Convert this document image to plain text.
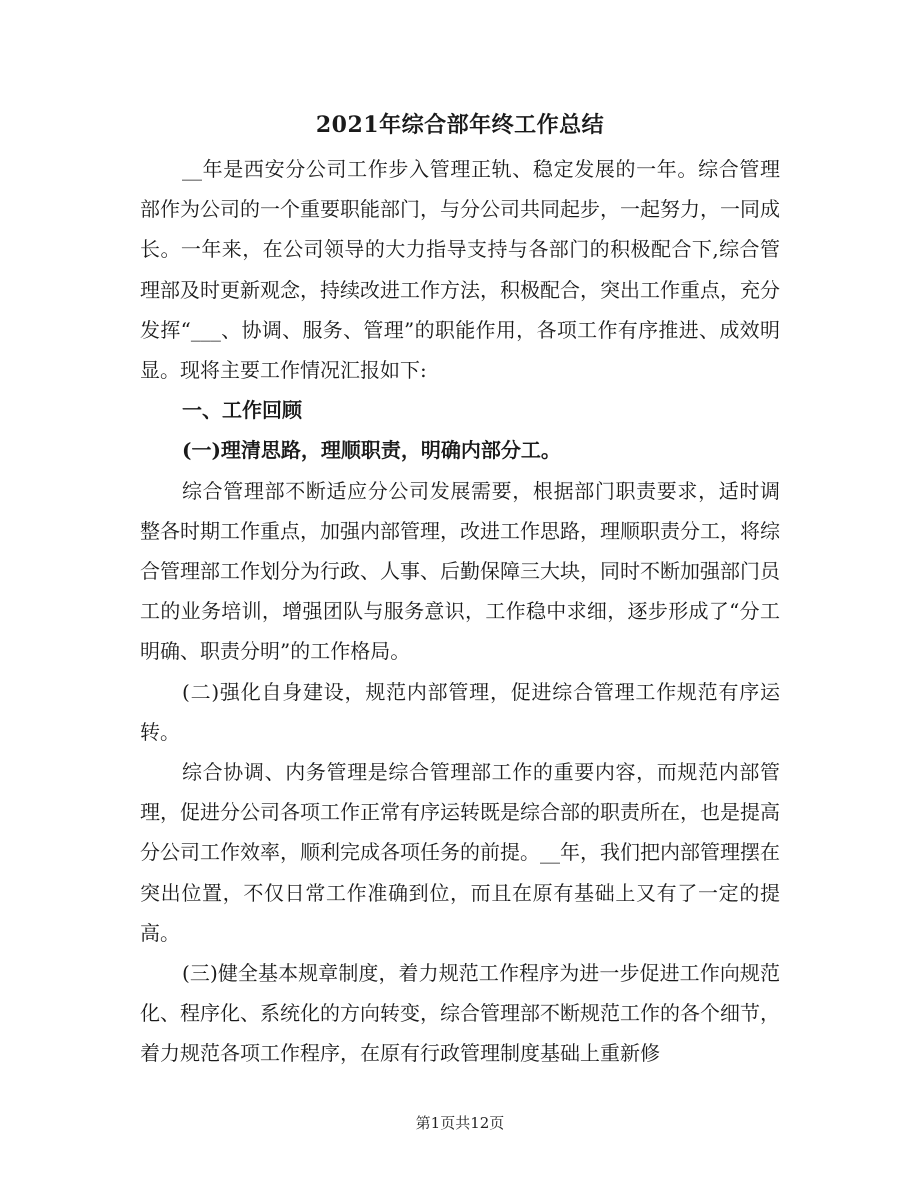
2021年综合部年终工作总结

__年是西安分公司工作步入管理正轨、稳定发展的一年。综合管理部作为公司的一个重要职能部门，与分公司共同起步，一起努力，一同成长。一年来，在公司领导的大力指导支持与各部门的积极配合下,综合管理部及时更新观念，持续改进工作方法，积极配合，突出工作重点，充分发挥“___、协调、服务、管理”的职能作用，各项工作有序推进、成效明显。现将主要工作情况汇报如下:

一、工作回顾

(一)理清思路，理顺职责，明确内部分工。

综合管理部不断适应分公司发展需要，根据部门职责要求，适时调整各时期工作重点，加强内部管理，改进工作思路，理顺职责分工，将综合管理部工作划分为行政、人事、后勤保障三大块，同时不断加强部门员工的业务培训，增强团队与服务意识，工作稳中求细，逐步形成了“分工明确、职责分明”的工作格局。

(二)强化自身建设，规范内部管理，促进综合管理工作规范有序运转。

综合协调、内务管理是综合管理部工作的重要内容，而规范内部管理，促进分公司各项工作正常有序运转既是综合部的职责所在，也是提高分公司工作效率，顺利完成各项任务的前提。__年，我们把内部管理摆在突出位置，不仅日常工作准确到位，而且在原有基础上又有了一定的提高。

(三)健全基本规章制度，着力规范工作程序为进一步促进工作向规范化、程序化、系统化的方向转变，综合管理部不断规范工作的各个细节，着力规范各项工作程序，在原有行政管理制度基础上重新修

第1页共12页
